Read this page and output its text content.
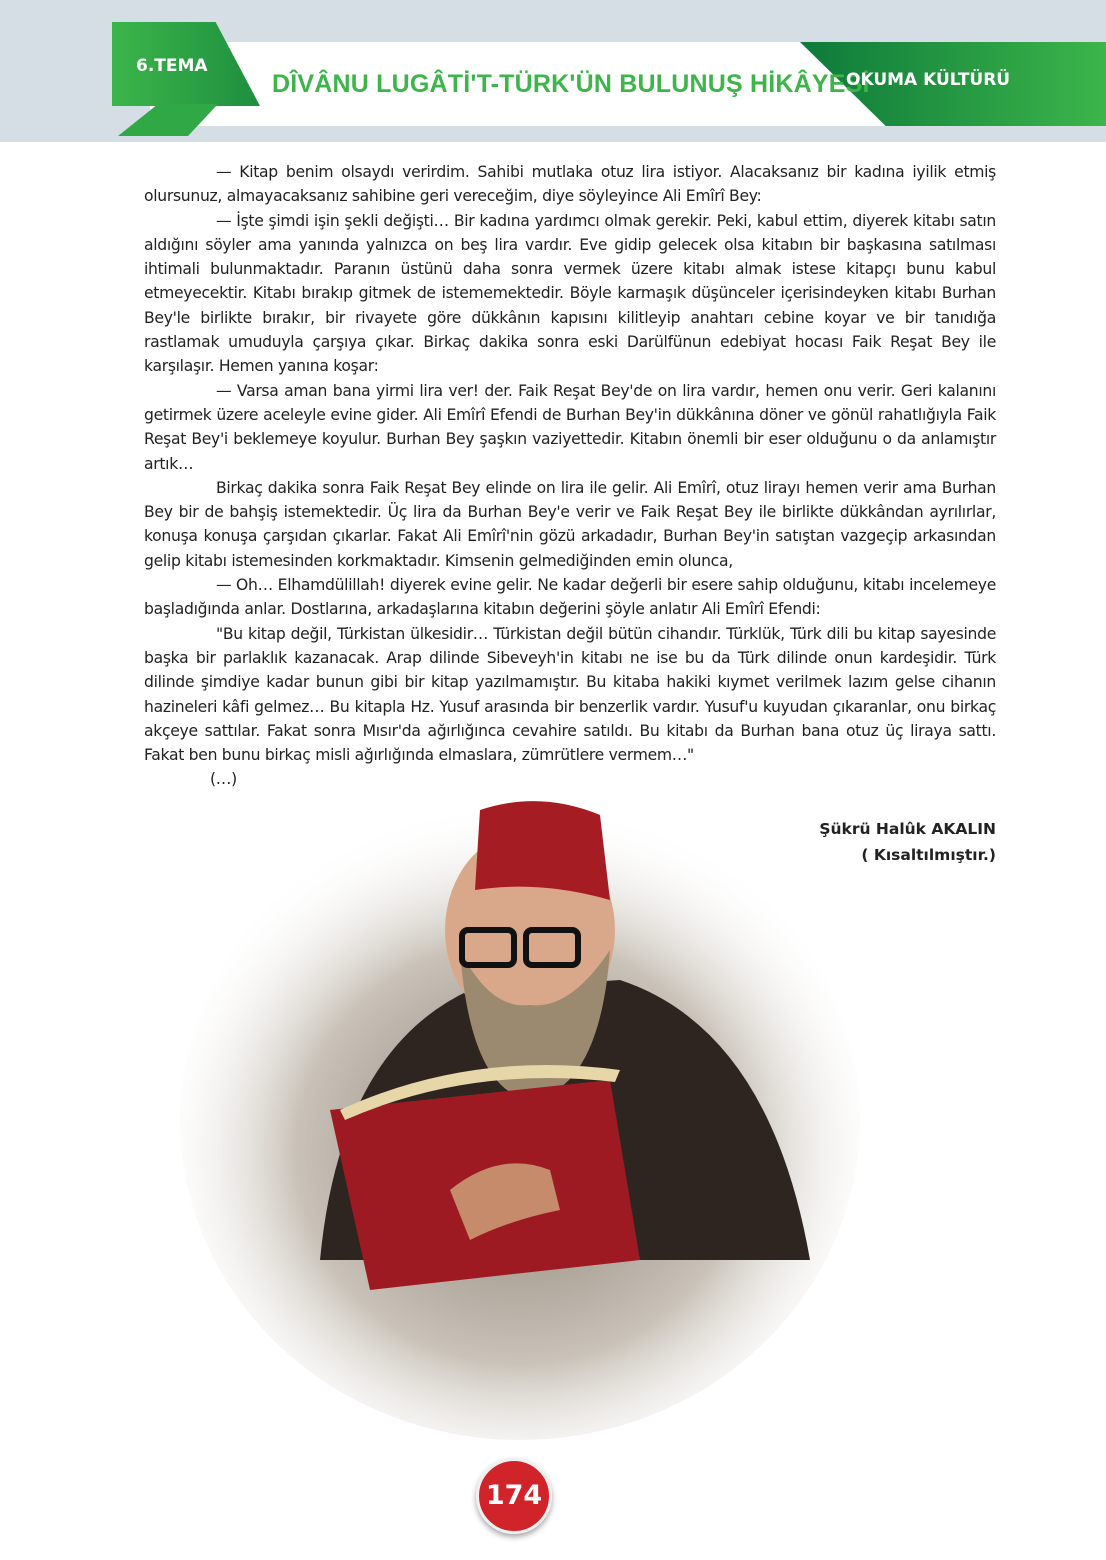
6.TEMA
DÎVÂNU LUGÂTİ'T-TÜRK'ÜN BULUNUŞ HİKÂYESİ
OKUMA KÜLTÜRÜ

— Kitap benim olsaydı verirdim. Sahibi mutlaka otuz lira istiyor. Alacaksanız bir kadına iyilik etmiş olursunuz, almayacaksanız sahibine geri vereceğim, diye söyleyince Ali Emîrî Bey:

— İşte şimdi işin şekli değişti… Bir kadına yardımcı olmak gerekir. Peki, kabul ettim, diyerek kitabı satın aldığını söyler ama yanında yalnızca on beş lira vardır. Eve gidip gelecek olsa kitabın bir başkasına satılması ihtimali bulunmaktadır. Paranın üstünü daha sonra vermek üzere kitabı almak istese kitapçı bunu kabul etmeyecektir. Kitabı bırakıp gitmek de istememektedir. Böyle karmaşık düşünceler içerisindeyken kitabı Burhan Bey'le birlikte bırakır, bir rivayete göre dükkânın kapısını kilitleyip anahtarı cebine koyar ve bir tanıdığa rastlamak umuduyla çarşıya çıkar. Birkaç dakika sonra eski Darülfünun edebiyat hocası Faik Reşat Bey ile karşılaşır. Hemen yanına koşar:

— Varsa aman bana yirmi lira ver! der. Faik Reşat Bey'de on lira vardır, hemen onu verir. Geri kalanını getirmek üzere aceleyle evine gider. Ali Emîrî Efendi de Burhan Bey'in dükkânına döner ve gönül rahatlığıyla Faik Reşat Bey'i beklemeye koyulur. Burhan Bey şaşkın vaziyettedir. Kitabın önemli bir eser olduğunu o da anlamıştır artık…

Birkaç dakika sonra Faik Reşat Bey elinde on lira ile gelir. Ali Emîrî, otuz lirayı hemen verir ama Burhan Bey bir de bahşiş istemektedir. Üç lira da Burhan Bey'e verir ve Faik Reşat Bey ile birlikte dükkândan ayrılırlar, konuşa konuşa çarşıdan çıkarlar. Fakat Ali Emîrî'nin gözü arkadadır, Burhan Bey'in satıştan vazgeçip arkasından gelip kitabı istemesinden korkmaktadır. Kimsenin gelmediğinden emin olunca,

— Oh… Elhamdülillah! diyerek evine gelir. Ne kadar değerli bir esere sahip olduğunu, kitabı incelemeye başladığında anlar. Dostlarına, arkadaşlarına kitabın değerini şöyle anlatır Ali Emîrî Efendi:

"Bu kitap değil, Türkistan ülkesidir… Türkistan değil bütün cihandır. Türklük, Türk dili bu kitap sayesinde başka bir parlaklık kazanacak. Arap dilinde Sibeveyh'in kitabı ne ise bu da Türk dilinde onun kardeşidir. Türk dilinde şimdiye kadar bunun gibi bir kitap yazılmamıştır. Bu kitaba hakiki kıymet verilmek lazım gelse cihanın hazineleri kâfi gelmez… Bu kitapla Hz. Yusuf arasında bir benzerlik vardır. Yusuf'u kuyudan çıkaranlar, onu birkaç akçeye sattılar. Fakat sonra Mısır'da ağırlığınca cevahire satıldı. Bu kitabı da Burhan bana otuz üç liraya sattı. Fakat ben bunu birkaç misli ağırlığında elmaslara, zümrütlere vermem…"

(…)
Şükrü Halûk AKALIN
( Kısaltılmıştır.)
174
